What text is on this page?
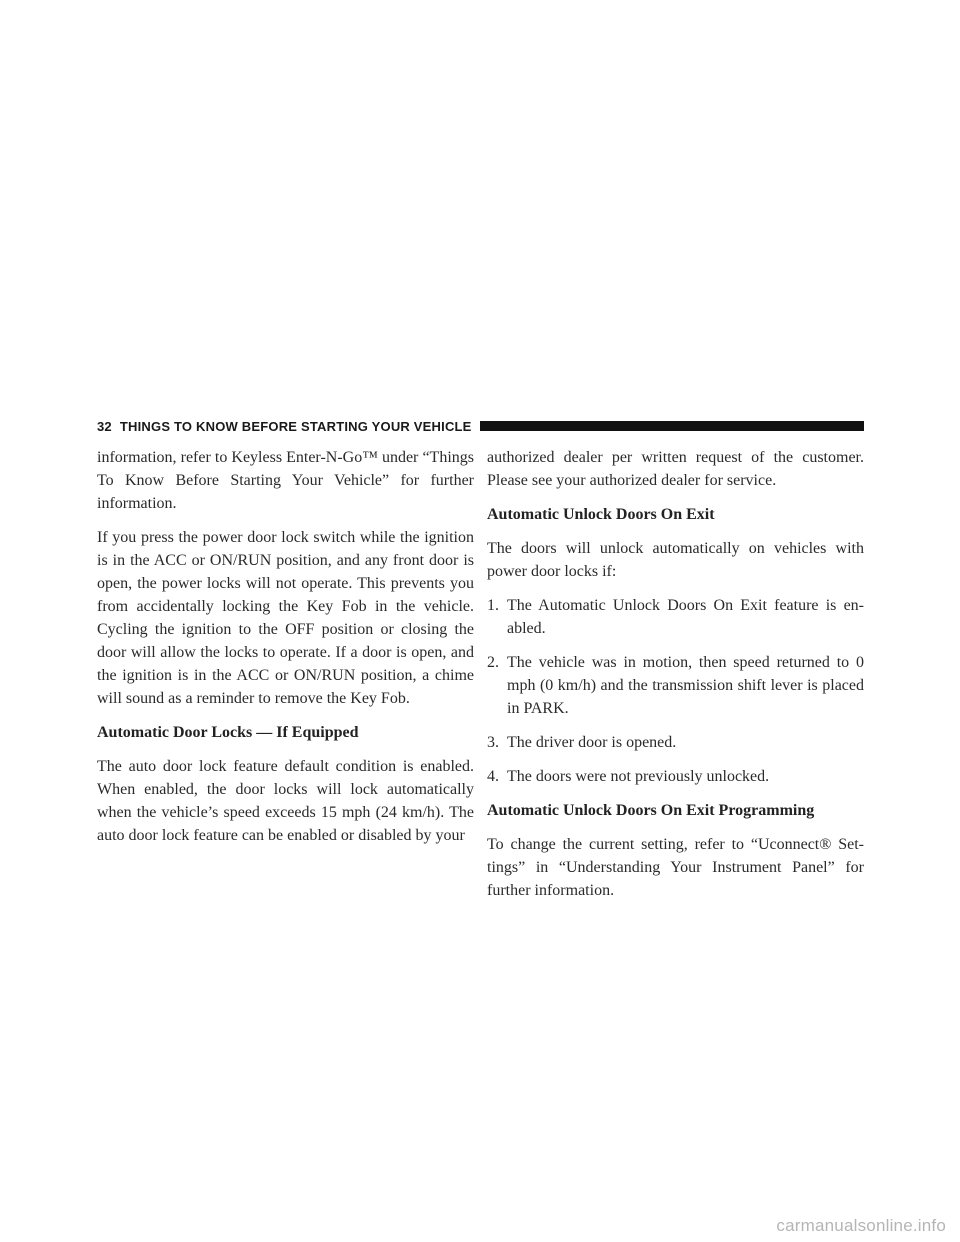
32 THINGS TO KNOW BEFORE STARTING YOUR VEHICLE

information, refer to Keyless Enter-N-Go™ under “Things To Know Before Starting Your Vehicle” for further information.

If you press the power door lock switch while the ignition is in the ACC or ON/RUN position, and any front door is open, the power locks will not operate. This prevents you from accidentally locking the Key Fob in the vehicle. Cycling the ignition to the OFF position or closing the door will allow the locks to operate. If a door is open, and the ignition is in the ACC or ON/RUN position, a chime will sound as a reminder to remove the Key Fob.

Automatic Door Locks — If Equipped

The auto door lock feature default condition is enabled. When enabled, the door locks will lock automatically when the vehicle’s speed exceeds 15 mph (24 km/h). The auto door lock feature can be enabled or disabled by your

authorized dealer per written request of the customer. Please see your authorized dealer for service.

Automatic Unlock Doors On Exit

The doors will unlock automatically on vehicles with power door locks if:

1. The Automatic Unlock Doors On Exit feature is en-abled.
2. The vehicle was in motion, then speed returned to 0 mph (0 km/h) and the transmission shift lever is placed in PARK.
3. The driver door is opened.
4. The doors were not previously unlocked.
Automatic Unlock Doors On Exit Programming

To change the current setting, refer to “Uconnect® Set-tings” in “Understanding Your Instrument Panel” for further information.

carmanualsonline.info
